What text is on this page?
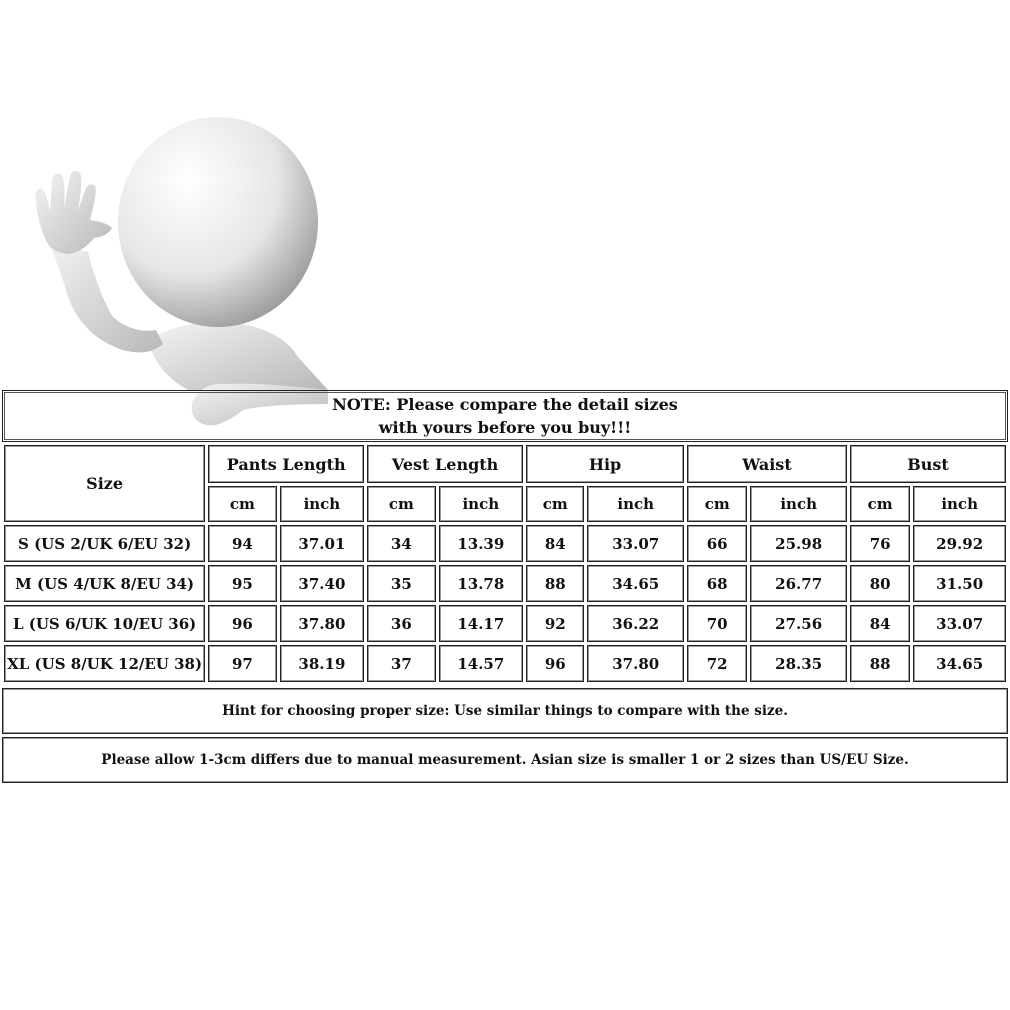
NOTE: Please compare the detail sizes
with yours before you buy!!!
Size	Pants Length		Vest Length		Hip		Waist		Bust	
	cm	inch	cm	inch	cm	inch	cm	inch	cm	inch
S (US 2/UK 6/EU 32)	94	37.01	34	13.39	84	33.07	66	25.98	76	29.92
M (US 4/UK 8/EU 34)	95	37.40	35	13.78	88	34.65	68	26.77	80	31.50
L (US 6/UK 10/EU 36)	96	37.80	36	14.17	92	36.22	70	27.56	84	33.07
XL (US 8/UK 12/EU 38)	97	38.19	37	14.57	96	37.80	72	28.35	88	34.65
Hint for choosing proper size: Use similar things to compare with the size.
Please allow 1-3cm differs due to manual measurement. Asian size is smaller 1 or 2 sizes than US/EU Size.
